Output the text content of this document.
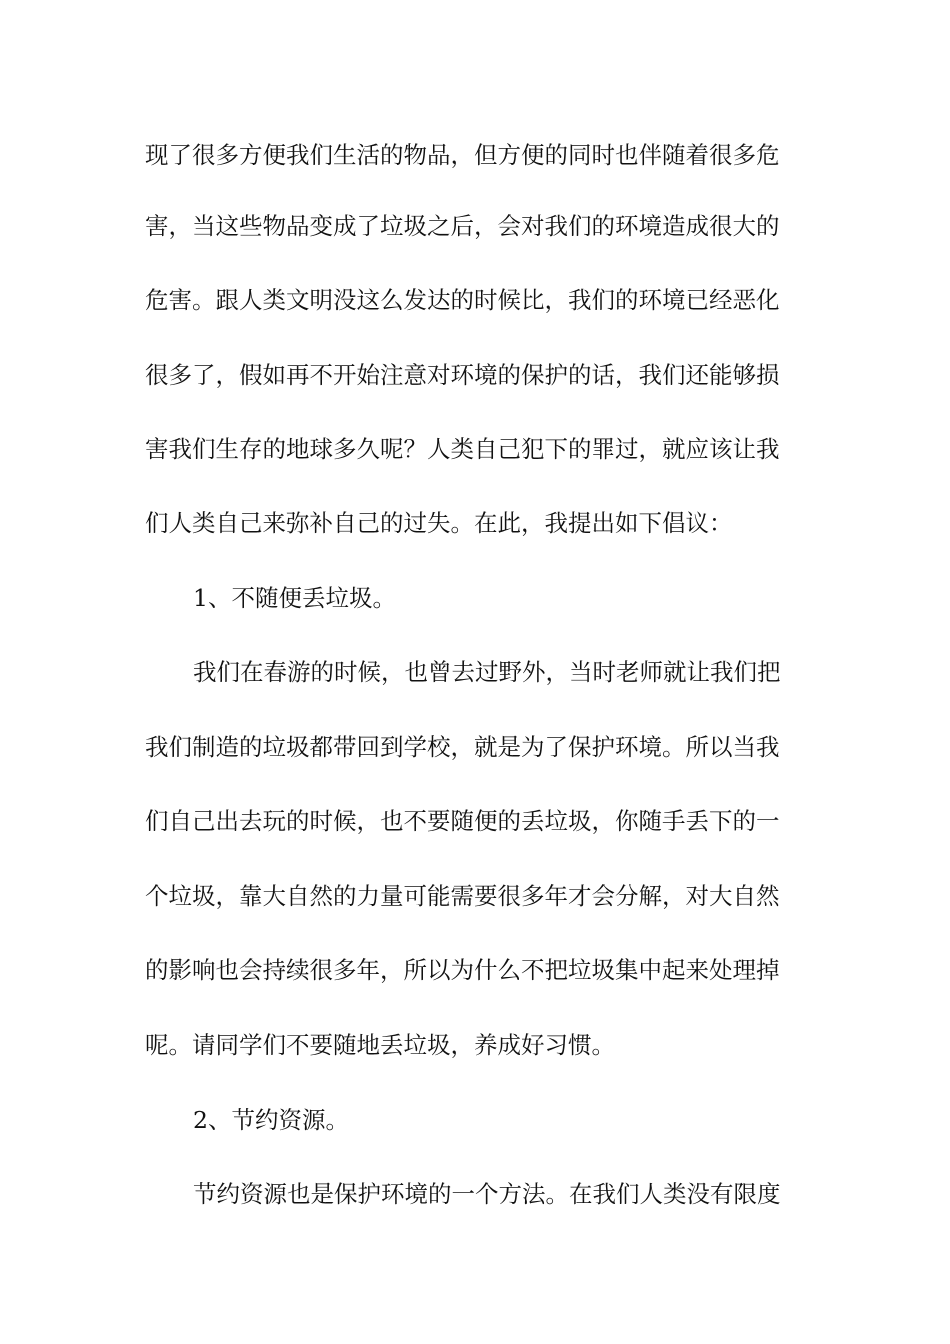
现了很多方便我们生活的物品，但方便的同时也伴随着很多危
害，当这些物品变成了垃圾之后，会对我们的环境造成很大的
危害。跟人类文明没这么发达的时候比，我们的环境已经恶化
很多了，假如再不开始注意对环境的保护的话，我们还能够损
害我们生存的地球多久呢？人类自己犯下的罪过，就应该让我
们人类自己来弥补自己的过失。在此，我提出如下倡议：
1、不随便丢垃圾。
我们在春游的时候，也曾去过野外，当时老师就让我们把
我们制造的垃圾都带回到学校，就是为了保护环境。所以当我
们自己出去玩的时候，也不要随便的丢垃圾，你随手丢下的一
个垃圾，靠大自然的力量可能需要很多年才会分解，对大自然
的影响也会持续很多年，所以为什么不把垃圾集中起来处理掉
呢。请同学们不要随地丢垃圾，养成好习惯。
2、节约资源。
节约资源也是保护环境的一个方法。在我们人类没有限度
